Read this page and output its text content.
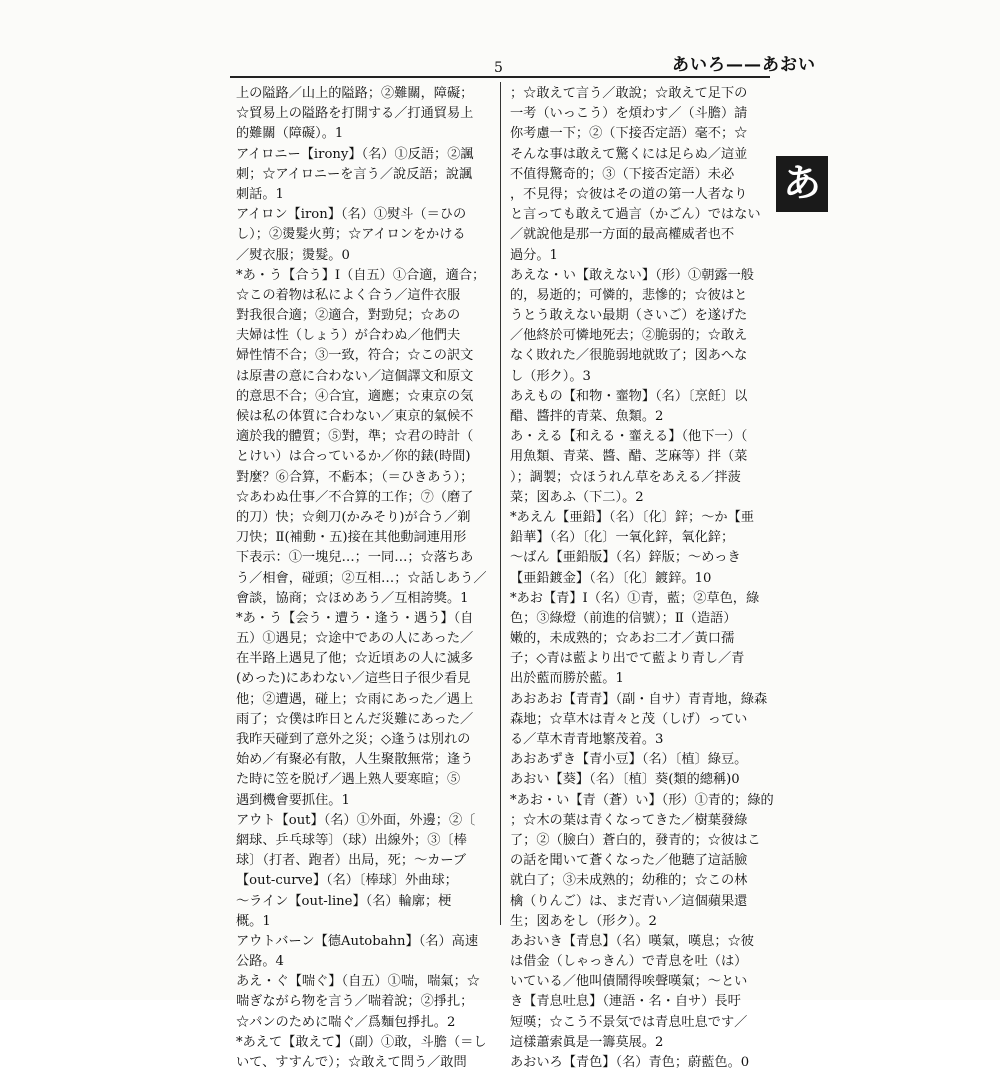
5	あいろ——あおい
あ
上の隘路／山上的隘路；②難關，障礙；
☆貿易上の隘路を打開する／打通貿易上
的難關（障礙）。1
アイロニー【irony】（名）①反語；②諷
刺；☆アイロニーを言う／說反語；說諷
刺話。1
アイロン【iron】（名）①熨斗（＝ひの
し）；②燙髮火剪；☆アイロンをかける
／熨衣服；燙髮。0
*あ・う【合う】Ⅰ（自五）①合適，適合；
☆この着物は私によく合う／這件衣服
對我很合適；②適合，對勁兒；☆あの
夫婦は性（しょう）が合わぬ／他們夫
婦性情不合；③一致，符合；☆この訳文
は原書の意に合わない／這個譯文和原文
的意思不合；④合宜，適應；☆東京の気
候は私の体質に合わない／東京的氣候不
適於我的體質；⑤對，準；☆君の時計（
とけい）は合っているか／你的錶(時間)
對麼？⑥合算，不虧本；（＝ひきあう）；
☆あわぬ仕事／不合算的工作；⑦（磨了
的刀）快；☆剣刀(かみそり)が合う／剃
刀快；Ⅱ(補動・五)接在其他動詞連用形
下表示：①一塊兒…；一同…；☆落ちあ
う／相會，碰頭；②互相…；☆話しあう／
會談，協商；☆ほめあう／互相誇獎。1
*あ・う【会う・遭う・逢う・遇う】（自
五）①遇見；☆途中であの人にあった／
在半路上遇見了他；☆近頃あの人に滅多
(めった)にあわない／這些日子很少看見
他；②遭遇，碰上；☆雨にあった／遇上
雨了；☆僕は昨日とんだ災難にあった／
我昨天碰到了意外之災；◇逢うは別れの
始め／有聚必有散，人生聚散無常；逢う
た時に笠を脱げ／遇上熟人要寒暄；⑤
遇到機會要抓住。1
アウト【out】（名）①外面，外邊；②〔
網球、乒乓球等〕（球）出線外；③〔棒
球〕（打者、跑者）出局，死；～カーブ
【out-curve】（名）〔棒球〕外曲球；
～ライン【out-line】（名）輪廓；梗
概。1
アウトバーン【德Autobahn】（名）高速
公路。4
あえ・ぐ【喘ぐ】（自五）①喘，喘氣；☆
喘ぎながら物を言う／喘着說；②掙扎；
☆パンのために喘ぐ／爲麵包掙扎。2
*あえて【敢えて】（副）①敢，斗膽（＝し
いて、すすんで）；☆敢えて問う／敢問
；☆敢えて言う／敢說；☆敢えて足下の
一考（いっこう）を煩わす／（斗膽）請
你考慮一下；②（下接否定語）毫不；☆
そんな事は敢えて驚くには足らぬ／這並
不值得驚奇的；③（下接否定語）未必
，不見得；☆彼はその道の第一人者なり
と言っても敢えて過言（かごん）ではない
／就說他是那一方面的最高權威者也不
過分。1
あえな・い【敢えない】（形）①朝露一般
的，易逝的；可憐的，悲慘的；☆彼はと
うとう敢えない最期（さいご）を遂げた
／他終於可憐地死去；②脆弱的；☆敢え
なく敗れた／很脆弱地就敗了；図あへな
し（形ク）。3
あえもの【和物・韲物】（名）〔烹飪〕以
醋、醬拌的青菜、魚類。2
あ・える【和える・韲える】（他下一）（
用魚類、青菜、醬、醋、芝麻等）拌（菜
）；調製；☆ほうれん草をあえる／拌菠
菜；図あふ（下二）。2
*あえん【亜鉛】（名）〔化〕鋅；～か【亜
鉛華】（名）〔化〕一氧化鋅，氧化鋅；
～ばん【亜鉛版】（名）鋅版；～めっき
【亜鉛鍍金】（名）〔化〕鍍鋅。10
*あお【青】Ⅰ（名）①青，藍；②草色，綠
色；③綠燈（前進的信號）；Ⅱ（造語）
嫩的，未成熟的；☆あお二才／黃口孺
子；◇青は藍より出でて藍より青し／青
出於藍而勝於藍。1
あおあお【青青】（副・自サ）青青地，綠森
森地；☆草木は青々と茂（しげ）ってい
る／草木青青地繁茂着。3
あおあずき【青小豆】（名）〔植〕綠豆。
あおい【葵】（名）〔植〕葵(類的總稱)0
*あお・い【青（蒼）い】（形）①青的；綠的
；☆木の葉は青くなってきた／樹葉發綠
了；②（臉白）蒼白的，發青的；☆彼はこ
の話を聞いて蒼くなった／他聽了這話臉
就白了；③未成熟的；幼稚的；☆この林
檎（りんご）は、まだ青い／這個蘋果還
生；図あをし（形ク）。2
あおいき【青息】（名）嘆氣，嘆息；☆彼
は借金（しゃっきん）で青息を吐（は）
いている／他叫債鬧得唉聲嘆氣；～とい
き【青息吐息】（連語・名・自サ）長吁
短嘆；☆こう不景気では青息吐息です／
這樣蕭索眞是一籌莫展。2
あおいろ【青色】（名）青色；蔚藍色。0
